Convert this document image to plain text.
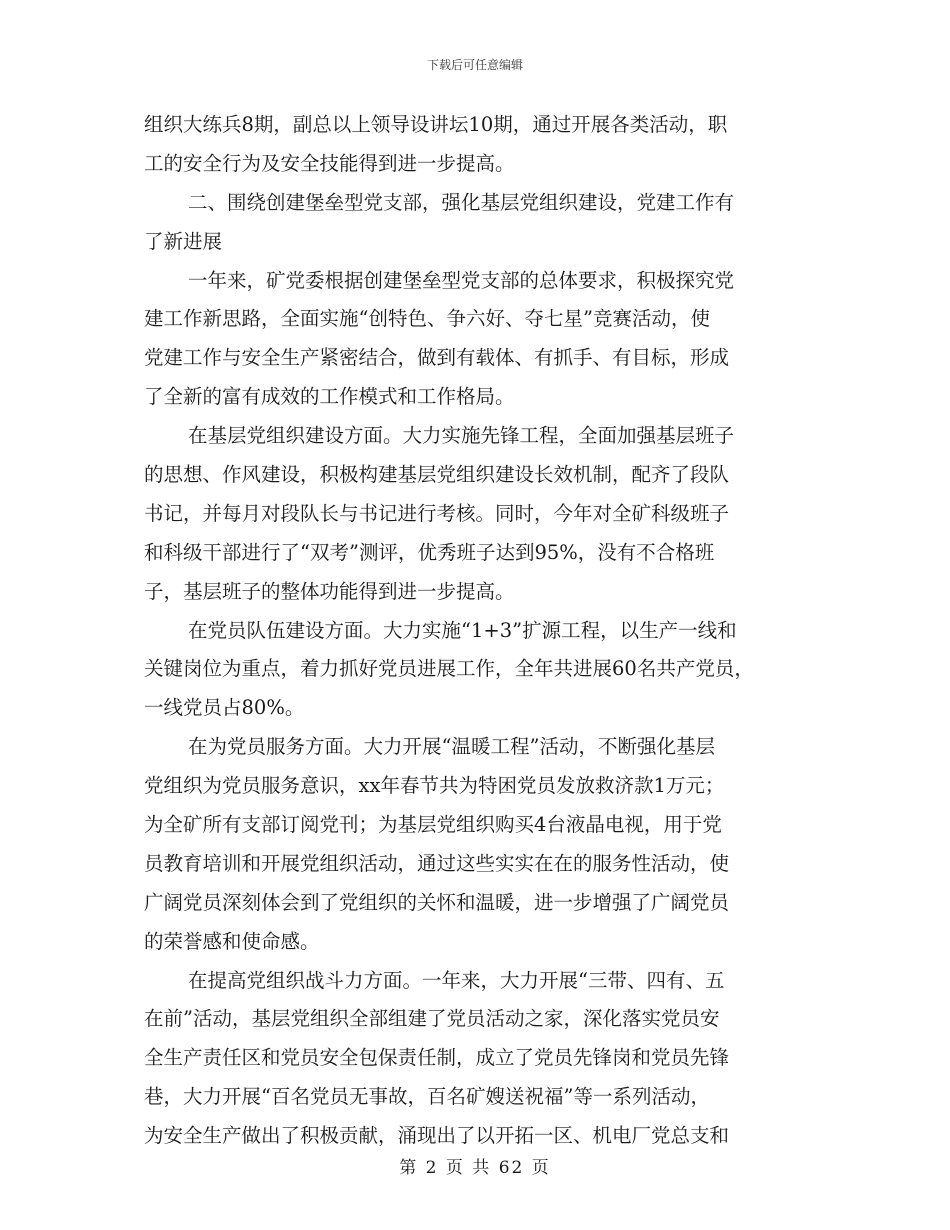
下载后可任意编辑
组织大练兵8期，副总以上领导设讲坛10期，通过开展各类活动，职
工的安全行为及安全技能得到进一步提高。
二、围绕创建堡垒型党支部，强化基层党组织建设，党建工作有
了新进展
一年来，矿党委根据创建堡垒型党支部的总体要求，积极探究党
建工作新思路，全面实施“创特色、争六好、夺七星”竞赛活动，使
党建工作与安全生产紧密结合，做到有载体、有抓手、有目标，形成
了全新的富有成效的工作模式和工作格局。
在基层党组织建设方面。大力实施先锋工程，全面加强基层班子
的思想、作风建设，积极构建基层党组织建设长效机制，配齐了段队
书记，并每月对段队长与书记进行考核。同时，今年对全矿科级班子
和科级干部进行了“双考”测评，优秀班子达到95%，没有不合格班
子，基层班子的整体功能得到进一步提高。
在党员队伍建设方面。大力实施“1+3”扩源工程，以生产一线和
关键岗位为重点，着力抓好党员进展工作，全年共进展60名共产党员，
一线党员占80%。
在为党员服务方面。大力开展“温暖工程”活动，不断强化基层
党组织为党员服务意识，xx年春节共为特困党员发放救济款1万元；
为全矿所有支部订阅党刊；为基层党组织购买4台液晶电视，用于党
员教育培训和开展党组织活动，通过这些实实在在的服务性活动，使
广阔党员深刻体会到了党组织的关怀和温暖，进一步增强了广阔党员
的荣誉感和使命感。
在提高党组织战斗力方面。一年来，大力开展“三带、四有、五
在前”活动，基层党组织全部组建了党员活动之家，深化落实党员安
全生产责任区和党员安全包保责任制，成立了党员先锋岗和党员先锋
巷，大力开展“百名党员无事故，百名矿嫂送祝福”等一系列活动，
为安全生产做出了积极贡献，涌现出了以开拓一区、机电厂党总支和
第 2 页 共 62 页
